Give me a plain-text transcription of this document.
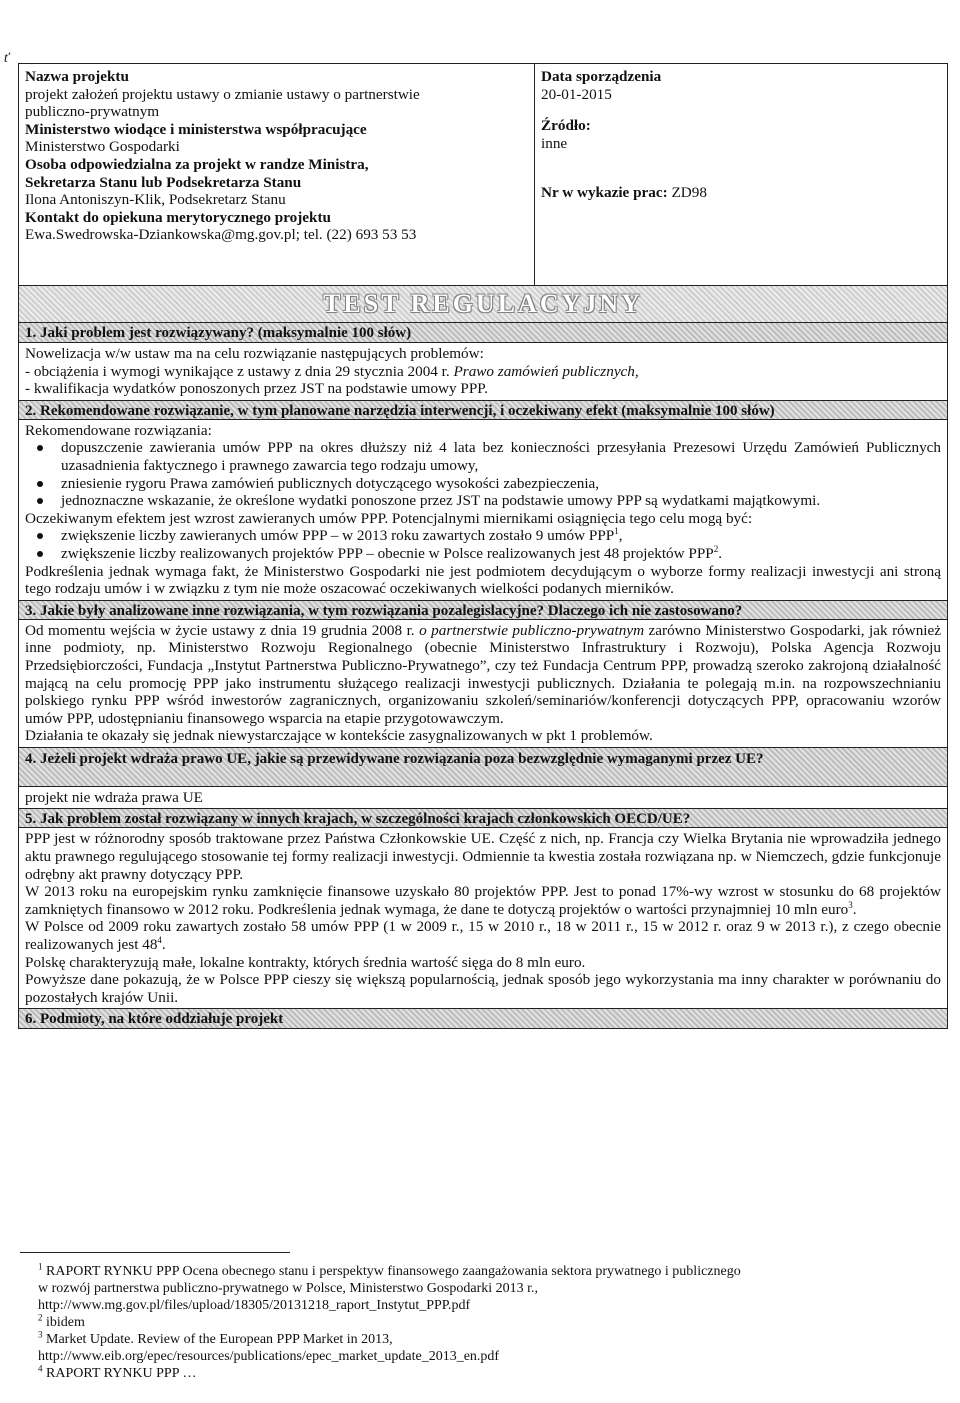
ť
Nazwa projektu
projekt założeń projektu ustawy o zmianie ustawy o partnerstwie
publiczno-prywatnym
Ministerstwo wiodące i ministerstwa współpracujące
Ministerstwo Gospodarki
Osoba odpowiedzialna za projekt w randze Ministra,
Sekretarza Stanu lub Podsekretarza Stanu
Ilona Antoniszyn-Klik, Podsekretarz Stanu
Kontakt do opiekuna merytorycznego projektu
Ewa.Swedrowska-Dziankowska@mg.gov.pl; tel. (22) 693 53 53
Data sporządzenia
20-01-2015
Źródło:
inne
Nr w wykazie prac: ZD98
TEST REGULACYJNY
1. Jaki problem jest rozwiązywany? (maksymalnie 100 słów)

Nowelizacja w/w ustaw ma na celu rozwiązanie następujących problemów:

- obciążenia i wymogi wynikające z ustawy z dnia 29 stycznia 2004 r. Prawo zamówień publicznych,

- kwalifikacja wydatków ponoszonych przez JST na podstawie umowy PPP.

2. Rekomendowane rozwiązanie, w tym planowane narzędzia interwencji, i oczekiwany efekt (maksymalnie 100 słów)

Rekomendowane rozwiązania:

dopuszczenie zawierania umów PPP na okres dłuższy niż 4 lata bez konieczności przesyłania Prezesowi Urzędu Zamówień Publicznych uzasadnienia faktycznego i prawnego zawarcia tego rodzaju umowy,
zniesienie rygoru Prawa zamówień publicznych dotyczącego wysokości zabezpieczenia,
jednoznaczne wskazanie, że określone wydatki ponoszone przez JST na podstawie umowy PPP są wydatkami majątkowymi.

Oczekiwanym efektem jest wzrost zawieranych umów PPP. Potencjalnymi miernikami osiągnięcia tego celu mogą być:

zwiększenie liczby zawieranych umów PPP – w 2013 roku zawartych zostało 9 umów PPP$^1$,
zwiększenie liczby realizowanych projektów PPP – obecnie w Polsce realizowanych jest 48 projektów PPP$^2$.

Podkreślenia jednak wymaga fakt, że Ministerstwo Gospodarki nie jest podmiotem decydującym o wyborze formy realizacji inwestycji ani stroną tego rodzaju umów i w związku z tym nie może oszacować oczekiwanych wielkości podanych mierników.

3. Jakie były analizowane inne rozwiązania, w tym rozwiązania pozalegislacyjne? Dlaczego ich nie zastosowano?

Od momentu wejścia w życie ustawy z dnia 19 grudnia 2008 r. o partnerstwie publiczno-prywatnym zarówno Ministerstwo Gospodarki, jak również inne podmioty, np. Ministerstwo Rozwoju Regionalnego (obecnie Ministerstwo Infrastruktury i Rozwoju), Polska Agencja Rozwoju Przedsiębiorczości, Fundacja „Instytut Partnerstwa Publiczno-Prywatnego”, czy też Fundacja Centrum PPP, prowadzą szeroko zakrojoną działalność mającą na celu promocję PPP jako instrumentu służącego realizacji inwestycji publicznych. Działania te polegają m.in. na rozpowszechnianiu polskiego rynku PPP wśród inwestorów zagranicznych, organizowaniu szkoleń/seminariów/konferencji dotyczących PPP, opracowaniu wzorów umów PPP, udostępnianiu finansowego wsparcia na etapie przygotowawczym.

Działania te okazały się jednak niewystarczające w kontekście zasygnalizowanych w pkt 1 problemów.

4. Jeżeli projekt wdraża prawo UE, jakie są przewidywane rozwiązania poza bezwzględnie wymaganymi przez UE?

projekt nie wdraża prawa UE

5. Jak problem został rozwiązany w innych krajach, w szczególności krajach członkowskich OECD/UE?

PPP jest w różnorodny sposób traktowane przez Państwa Członkowskie UE. Część z nich, np. Francja czy Wielka Brytania nie wprowadziła jednego aktu prawnego regulującego stosowanie tej formy realizacji inwestycji. Odmiennie ta kwestia została rozwiązana np. w Niemczech, gdzie funkcjonuje odrębny akt prawny dotyczący PPP.

W 2013 roku na europejskim rynku zamknięcie finansowe uzyskało 80 projektów PPP. Jest to ponad 17%-wy wzrost w stosunku do 68 projektów zamkniętych finansowo w 2012 roku. Podkreślenia jednak wymaga, że dane te dotyczą projektów o wartości przynajmniej 10 mln euro$^3$.

W Polsce od 2009 roku zawartych zostało 58 umów PPP (1 w 2009 r., 15 w 2010 r., 18 w 2011 r., 15 w 2012 r. oraz 9 w 2013 r.), z czego obecnie realizowanych jest $48^4$.

Polskę charakteryzują małe, lokalne kontrakty, których średnia wartość sięga do 8 mln euro.

Powyższe dane pokazują, że w Polsce PPP cieszy się większą popularnością, jednak sposób jego wykorzystania ma inny charakter w porównaniu do pozostałych krajów Unii.

6. Podmioty, na które oddziałuje projekt

$^1$ RAPORT RYNKU PPP Ocena obecnego stanu i perspektyw finansowego zaangażowania sektora prywatnego i publicznego

w rozwój partnerstwa publiczno-prywatnego w Polsce, Ministerstwo Gospodarki 2013 r.,

http://www.mg.gov.pl/files/upload/18305/20131218_raport_Instytut_PPP.pdf

$^2$ ibidem

$^3$ Market Update. Review of the European PPP Market in 2013,

http://www.eib.org/epec/resources/publications/epec_market_update_2013_en.pdf

$^4$ RAPORT RYNKU PPP …
